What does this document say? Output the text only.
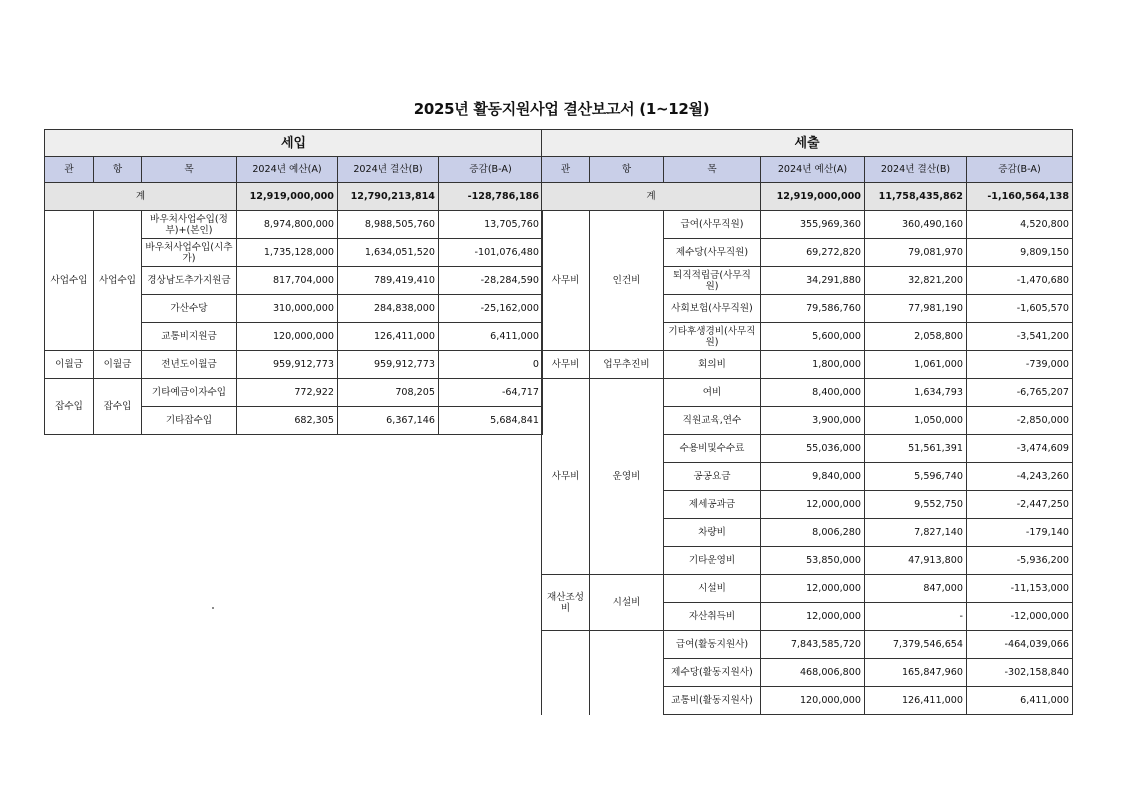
2025년 활동지원사업 결산보고서 (1~12월)
세입					
관	항	목	2024년 예산(A)	2024년 결산(B)	증감(B-A)
계			12,919,000,000	12,790,213,814	-128,786,186
사업수입	사업수입	바우처사업수입(정부)+(본인)	8,974,800,000	8,988,505,760	13,705,760
		바우처사업수입(시추가)	1,735,128,000	1,634,051,520	-101,076,480
		경상남도추가지원금	817,704,000	789,419,410	-28,284,590
		가산수당	310,000,000	284,838,000	-25,162,000
		교통비지원금	120,000,000	126,411,000	6,411,000
이월금	이월금	전년도이월금	959,912,773	959,912,773	0
잡수입	잡수입	기타예금이자수입	772,922	708,205	-64,717
		기타잡수입	682,305	6,367,146	5,684,841
세출					
관	항	목	2024년 예산(A)	2024년 결산(B)	증감(B-A)
계			12,919,000,000	11,758,435,862	-1,160,564,138
사무비	인건비	급여(사무직원)	355,969,360	360,490,160	4,520,800
		제수당(사무직원)	69,272,820	79,081,970	9,809,150
		퇴직적립금(사무직원)	34,291,880	32,821,200	-1,470,680
		사회보험(사무직원)	79,586,760	77,981,190	-1,605,570
		기타후생경비(사무직원)	5,600,000	2,058,800	-3,541,200
사무비	업무추진비	회의비	1,800,000	1,061,000	-739,000
사무비	운영비	여비	8,400,000	1,634,793	-6,765,207
		직원교육,연수	3,900,000	1,050,000	-2,850,000
		수용비및수수료	55,036,000	51,561,391	-3,474,609
		공공요금	9,840,000	5,596,740	-4,243,260
		제세공과금	12,000,000	9,552,750	-2,447,250
		차량비	8,006,280	7,827,140	-179,140
		기타운영비	53,850,000	47,913,800	-5,936,200
재산조성비	시설비	시설비	12,000,000	847,000	-11,153,000
		자산취득비	12,000,000	-	-12,000,000
		급여(활동지원사)	7,843,585,720	7,379,546,654	-464,039,066
		제수당(활동지원사)	468,006,800	165,847,960	-302,158,840
		교통비(활동지원사)	120,000,000	126,411,000	6,411,000
